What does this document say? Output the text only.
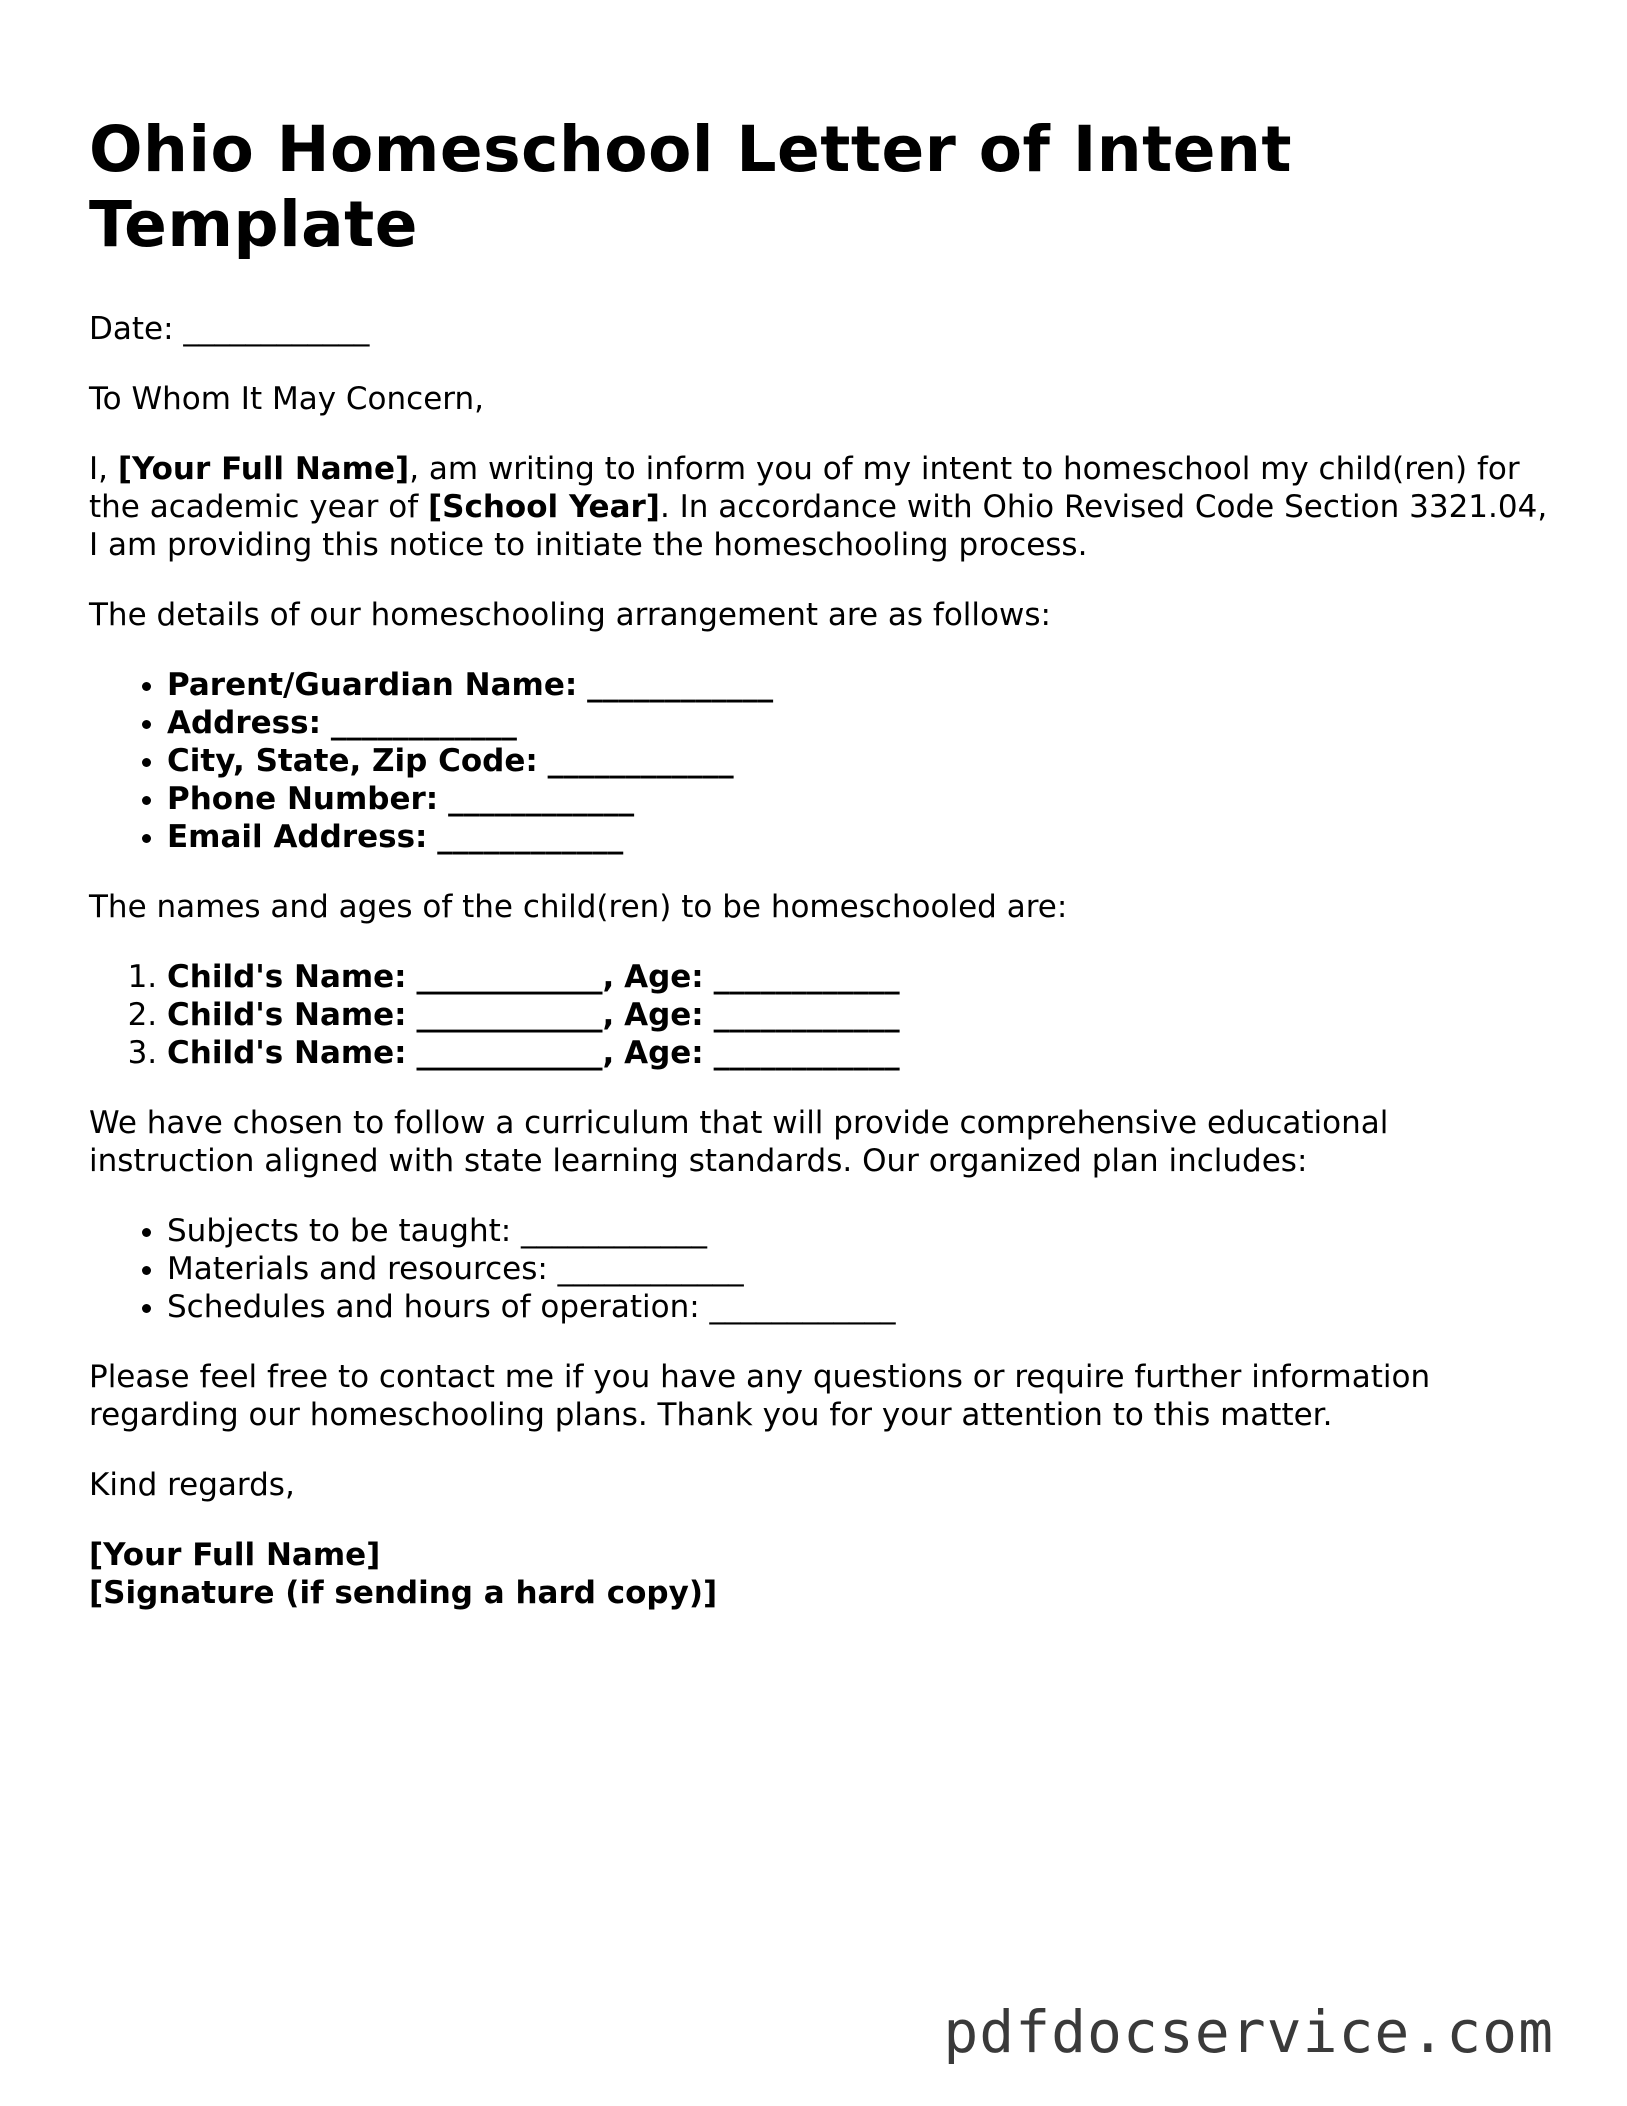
Ohio Homeschool Letter of Intent Template

Date: ____________

To Whom It May Concern,

I, [Your Full Name], am writing to inform you of my intent to homeschool my child(ren) for the academic year of [School Year]. In accordance with Ohio Revised Code Section 3321.04, I am providing this notice to initiate the homeschooling process.

The details of our homeschooling arrangement are as follows:

• Parent/Guardian Name: ____________
• Address: ____________
• City, State, Zip Code: ____________
• Phone Number: ____________
• Email Address: ____________

The names and ages of the child(ren) to be homeschooled are:

1. Child's Name: ____________, Age: ____________
2. Child's Name: ____________, Age: ____________
3. Child's Name: ____________, Age: ____________

We have chosen to follow a curriculum that will provide comprehensive educational instruction aligned with state learning standards. Our organized plan includes:

• Subjects to be taught: ____________
• Materials and resources: ____________
• Schedules and hours of operation: ____________

Please feel free to contact me if you have any questions or require further information regarding our homeschooling plans. Thank you for your attention to this matter.

Kind regards,

[Your Full Name]
[Signature (if sending a hard copy)]
pdfdocservice.com
